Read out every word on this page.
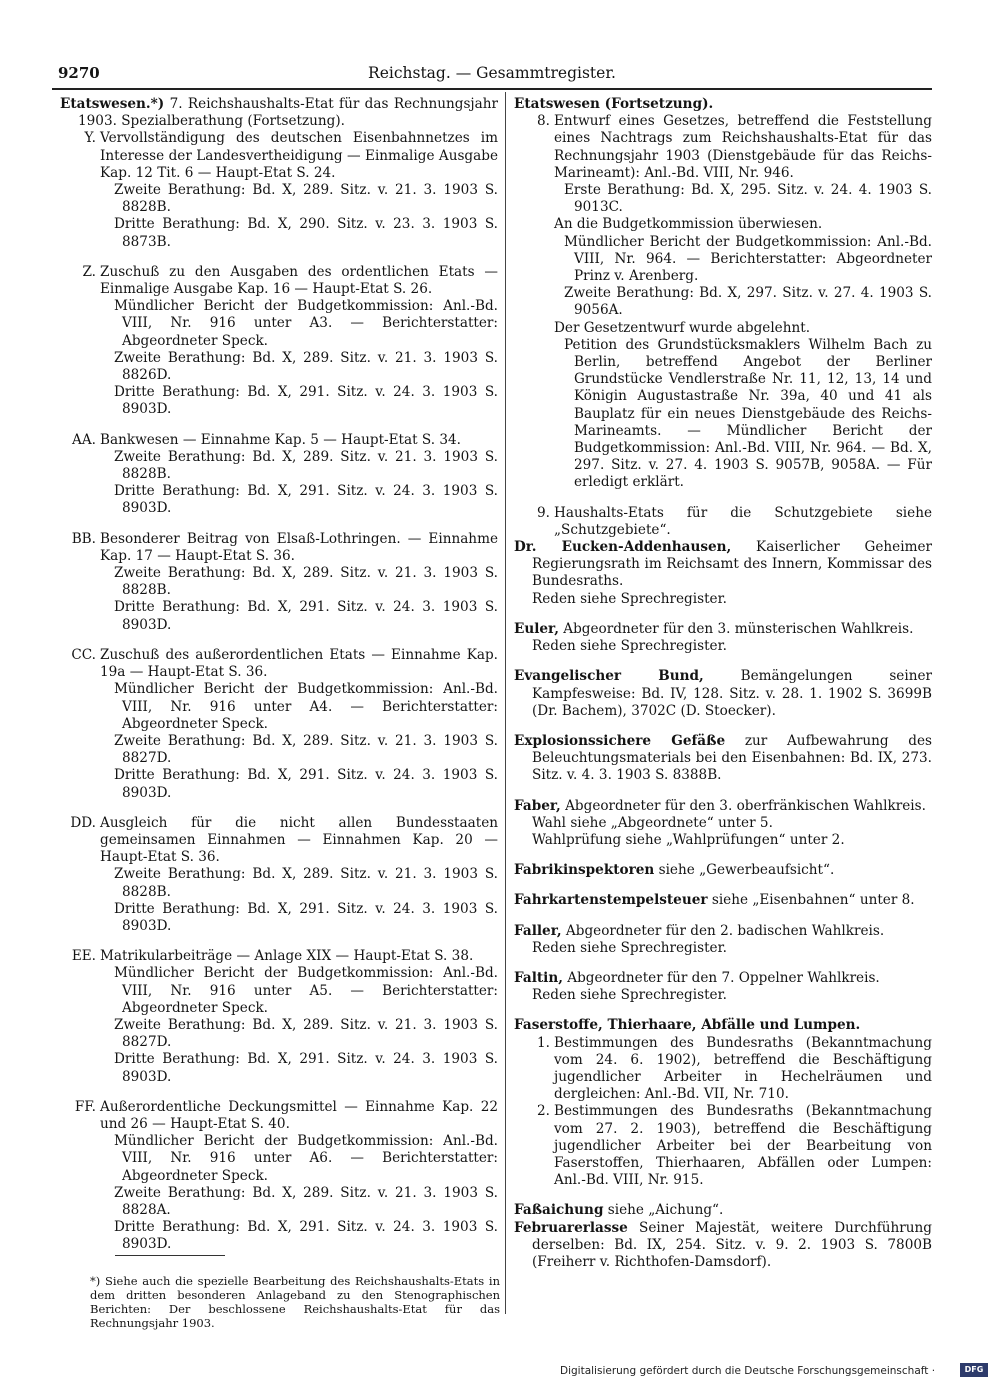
9270	Reichstag. — Gesammtregister.

Etatswesen.*) 7. Reichshaushalts-Etat für das Rechnungsjahr 1903. Spezialberathung (Fortsetzung).

Y. Vervollständigung des deutschen Eisenbahnnetzes im Interesse der Landesvertheidigung — Einmalige Ausgabe Kap. 12 Tit. 6 — Haupt-Etat S. 24.

Zweite Berathung: Bd. X, 289. Sitz. v. 21. 3. 1903 S. 8828B.

Dritte Berathung: Bd. X, 290. Sitz. v. 23. 3. 1903 S. 8873B.

Z. Zuschuß zu den Ausgaben des ordentlichen Etats — Einmalige Ausgabe Kap. 16 — Haupt-Etat S. 26.

Mündlicher Bericht der Budgetkommission: Anl.-Bd. VIII, Nr. 916 unter A3. — Berichterstatter: Abgeordneter Speck.

Zweite Berathung: Bd. X, 289. Sitz. v. 21. 3. 1903 S. 8826D.

Dritte Berathung: Bd. X, 291. Sitz. v. 24. 3. 1903 S. 8903D.

AA. Bankwesen — Einnahme Kap. 5 — Haupt-Etat S. 34.

Zweite Berathung: Bd. X, 289. Sitz. v. 21. 3. 1903 S. 8828B.

Dritte Berathung: Bd. X, 291. Sitz. v. 24. 3. 1903 S. 8903D.

BB. Besonderer Beitrag von Elsaß-Lothringen. — Einnahme Kap. 17 — Haupt-Etat S. 36.

Zweite Berathung: Bd. X, 289. Sitz. v. 21. 3. 1903 S. 8828B.

Dritte Berathung: Bd. X, 291. Sitz. v. 24. 3. 1903 S. 8903D.

CC. Zuschuß des außerordentlichen Etats — Einnahme Kap. 19a — Haupt-Etat S. 36.

Mündlicher Bericht der Budgetkommission: Anl.-Bd. VIII, Nr. 916 unter A4. — Berichterstatter: Abgeordneter Speck.

Zweite Berathung: Bd. X, 289. Sitz. v. 21. 3. 1903 S. 8827D.

Dritte Berathung: Bd. X, 291. Sitz. v. 24. 3. 1903 S. 8903D.

DD. Ausgleich für die nicht allen Bundesstaaten gemeinsamen Einnahmen — Einnahmen Kap. 20 — Haupt-Etat S. 36.

Zweite Berathung: Bd. X, 289. Sitz. v. 21. 3. 1903 S. 8828B.

Dritte Berathung: Bd. X, 291. Sitz. v. 24. 3. 1903 S. 8903D.

EE. Matrikularbeiträge — Anlage XIX — Haupt-Etat S. 38.

Mündlicher Bericht der Budgetkommission: Anl.-Bd. VIII, Nr. 916 unter A5. — Berichterstatter: Abgeordneter Speck.

Zweite Berathung: Bd. X, 289. Sitz. v. 21. 3. 1903 S. 8827D.

Dritte Berathung: Bd. X, 291. Sitz. v. 24. 3. 1903 S. 8903D.

FF. Außerordentliche Deckungsmittel — Einnahme Kap. 22 und 26 — Haupt-Etat S. 40.

Mündlicher Bericht der Budgetkommission: Anl.-Bd. VIII, Nr. 916 unter A6. — Berichterstatter: Abgeordneter Speck.

Zweite Berathung: Bd. X, 289. Sitz. v. 21. 3. 1903 S. 8828A.

Dritte Berathung: Bd. X, 291. Sitz. v. 24. 3. 1903 S. 8903D.

*) Siehe auch die spezielle Bearbeitung des Reichshaushalts-Etats in dem dritten besonderen Anlageband zu den Stenographischen Berichten: Der beschlossene Reichshaushalts-Etat für das Rechnungsjahr 1903.

Etatswesen (Fortsetzung).

8. Entwurf eines Gesetzes, betreffend die Feststellung eines Nachtrags zum Reichshaushalts-Etat für das Rechnungsjahr 1903 (Dienstgebäude für das Reichs-Marineamt): Anl.-Bd. VIII, Nr. 946.

Erste Berathung: Bd. X, 295. Sitz. v. 24. 4. 1903 S. 9013C.

An die Budgetkommission überwiesen.

Mündlicher Bericht der Budgetkommission: Anl.-Bd. VIII, Nr. 964. — Berichterstatter: Abgeordneter Prinz v. Arenberg.

Zweite Berathung: Bd. X, 297. Sitz. v. 27. 4. 1903 S. 9056A.

Der Gesetzentwurf wurde abgelehnt.

Petition des Grundstücksmaklers Wilhelm Bach zu Berlin, betreffend Angebot der Berliner Grundstücke Vendlerstraße Nr. 11, 12, 13, 14 und Königin Augustastraße Nr. 39a, 40 und 41 als Bauplatz für ein neues Dienstgebäude des Reichs-Marineamts. — Mündlicher Bericht der Budgetkommission: Anl.-Bd. VIII, Nr. 964. — Bd. X, 297. Sitz. v. 27. 4. 1903 S. 9057B, 9058A. — Für erledigt erklärt.

9. Haushalts-Etats für die Schutzgebiete siehe „Schutzgebiete“.

Dr. Eucken-Addenhausen, Kaiserlicher Geheimer Regierungsrath im Reichsamt des Innern, Kommissar des Bundesraths.

Reden siehe Sprechregister.

Euler, Abgeordneter für den 3. münsterischen Wahlkreis.

Reden siehe Sprechregister.

Evangelischer Bund, Bemängelungen seiner Kampfesweise: Bd. IV, 128. Sitz. v. 28. 1. 1902 S. 3699B (Dr. Bachem), 3702C (D. Stoecker).

Explosionssichere Gefäße zur Aufbewahrung des Beleuchtungsmaterials bei den Eisenbahnen: Bd. IX, 273. Sitz. v. 4. 3. 1903 S. 8388B.

Faber, Abgeordneter für den 3. oberfränkischen Wahlkreis.

Wahl siehe „Abgeordnete“ unter 5.

Wahlprüfung siehe „Wahlprüfungen“ unter 2.

Fabrikinspektoren siehe „Gewerbeaufsicht“.

Fahrkartenstempelsteuer siehe „Eisenbahnen“ unter 8.

Faller, Abgeordneter für den 2. badischen Wahlkreis.

Reden siehe Sprechregister.

Faltin, Abgeordneter für den 7. Oppelner Wahlkreis.

Reden siehe Sprechregister.

Faserstoffe, Thierhaare, Abfälle und Lumpen.

1. Bestimmungen des Bundesraths (Bekanntmachung vom 24. 6. 1902), betreffend die Beschäftigung jugendlicher Arbeiter in Hechelräumen und dergleichen: Anl.-Bd. VII, Nr. 710.

2. Bestimmungen des Bundesraths (Bekanntmachung vom 27. 2. 1903), betreffend die Beschäftigung jugendlicher Arbeiter bei der Bearbeitung von Faserstoffen, Thierhaaren, Abfällen oder Lumpen: Anl.-Bd. VIII, Nr. 915.

Faßaichung siehe „Aichung“.

Februarerlasse Seiner Majestät, weitere Durchführung derselben: Bd. IX, 254. Sitz. v. 9. 2. 1903 S. 7800B (Freiherr v. Richthofen-Damsdorf).

Digitalisierung gefördert durch die Deutsche Forschungsgemeinschaft ·	DFG
